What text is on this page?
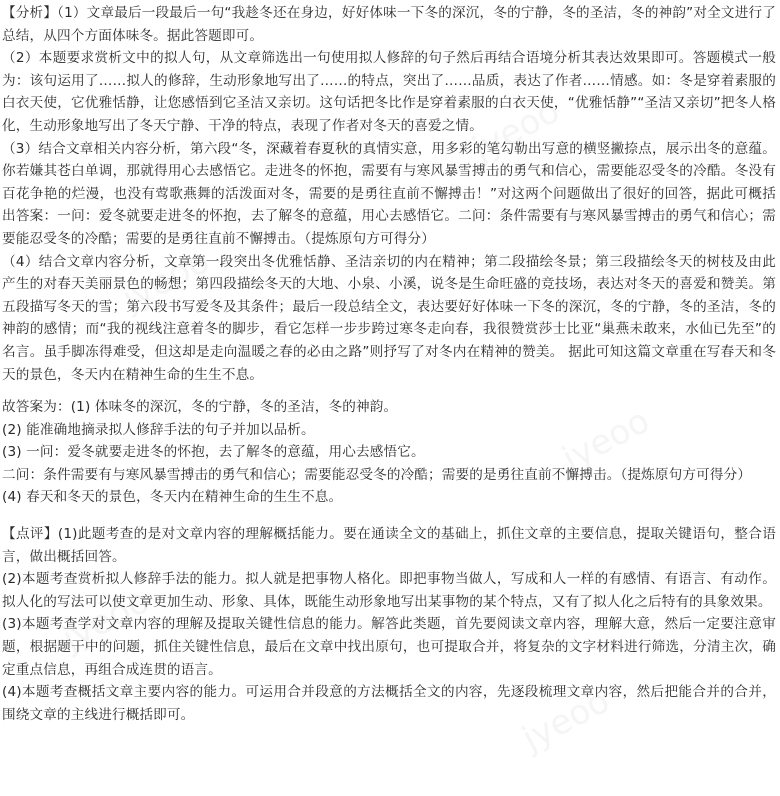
jyeoo
jyeoo
jyeoo
jyeoo
jyeoo

【分析】（1）文章最后一段最后一句“我趁冬还在身边，好好体味一下冬的深沉，冬的宁静，冬的圣洁，冬的神韵”对全文进行了总结，从四个方面体味冬。据此答题即可。

（2）本题要求赏析文中的拟人句，从文章筛选出一句使用拟人修辞的句子然后再结合语境分析其表达效果即可。答题模式一般为：该句运用了……拟人的修辞，生动形象地写出了……的特点，突出了……品质，表达了作者……情感。如：冬是穿着素服的白衣天使，它优雅恬静，让您感悟到它圣洁又亲切。这句话把冬比作是穿着素服的白衣天使，“优雅恬静”“圣洁又亲切”把冬人格化，生动形象地写出了冬天宁静、干净的特点，表现了作者对冬天的喜爱之情。

（3）结合文章相关内容分析，第六段“冬，深藏着春夏秋的真情实意，用多彩的笔勾勒出写意的横竖撇捺点，展示出冬的意蕴。你若嫌其苍白单调，那就得用心去感悟它。走进冬的怀抱，需要有与寒风暴雪搏击的勇气和信心，需要能忍受冬的冷酷。冬没有百花争艳的烂漫，也没有莺歌燕舞的活泼面对冬，需要的是勇往直前不懈搏击！”对这两个问题做出了很好的回答，据此可概括出答案：一问：爱冬就要走进冬的怀抱，去了解冬的意蕴，用心去感悟它。二问：条件需要有与寒风暴雪搏击的勇气和信心；需要能忍受冬的冷酷；需要的是勇往直前不懈搏击。（提炼原句方可得分）

（4）结合文章内容分析，文章第一段突出冬优雅恬静、圣洁亲切的内在精神；第二段描绘冬景；第三段描绘冬天的树枝及由此产生的对春天美丽景色的畅想；第四段描绘冬天的大地、小泉、小溪，说冬是生命旺盛的竞技场，表达对冬天的喜爱和赞美。第五段描写冬天的雪；第六段书写爱冬及其条件；最后一段总结全文，表达要好好体味一下冬的深沉，冬的宁静，冬的圣洁，冬的神韵的感情；而“我的视线注意着冬的脚步，看它怎样一步步跨过寒冬走向春，我很赞赏莎士比亚“巢燕未敢来，水仙已先至”的名言。虽手脚冻得难受，但这却是走向温暖之春的必由之路”则抒写了对冬内在精神的赞美。 据此可知这篇文章重在写春天和冬天的景色，冬天内在精神生命的生生不息。

故答案为：(1) 体味冬的深沉，冬的宁静，冬的圣洁，冬的神韵。

(2) 能准确地摘录拟人修辞手法的句子并加以品析。

(3) 一问：爱冬就要走进冬的怀抱，去了解冬的意蕴，用心去感悟它。

二问：条件需要有与寒风暴雪搏击的勇气和信心；需要能忍受冬的冷酷；需要的是勇往直前不懈搏击。（提炼原句方可得分）

(4) 春天和冬天的景色，冬天内在精神生命的生生不息。

【点评】(1)此题考查的是对文章内容的理解概括能力。要在通读全文的基础上，抓住文章的主要信息，提取关键语句，整合语言，做出概括回答。

(2)本题考查赏析拟人修辞手法的能力。拟人就是把事物人格化。即把事物当做人，写成和人一样的有感情、有语言、有动作。拟人化的写法可以使文章更加生动、形象、具体，既能生动形象地写出某事物的某个特点，又有了拟人化之后特有的具象效果。

(3)本题考查学对文章内容的理解及提取关键性信息的能力。解答此类题，首先要阅读文章内容，理解大意，然后一定要注意审题，根据题干中的问题，抓住关键性信息，最后在文章中找出原句，也可提取合并，将复杂的文字材料进行筛选，分清主次，确定重点信息，再组合成连贯的语言。

(4)本题考查概括文章主要内容的能力。可运用合并段意的方法概括全文的内容，先逐段梳理文章内容，然后把能合并的合并，围绕文章的主线进行概括即可。
